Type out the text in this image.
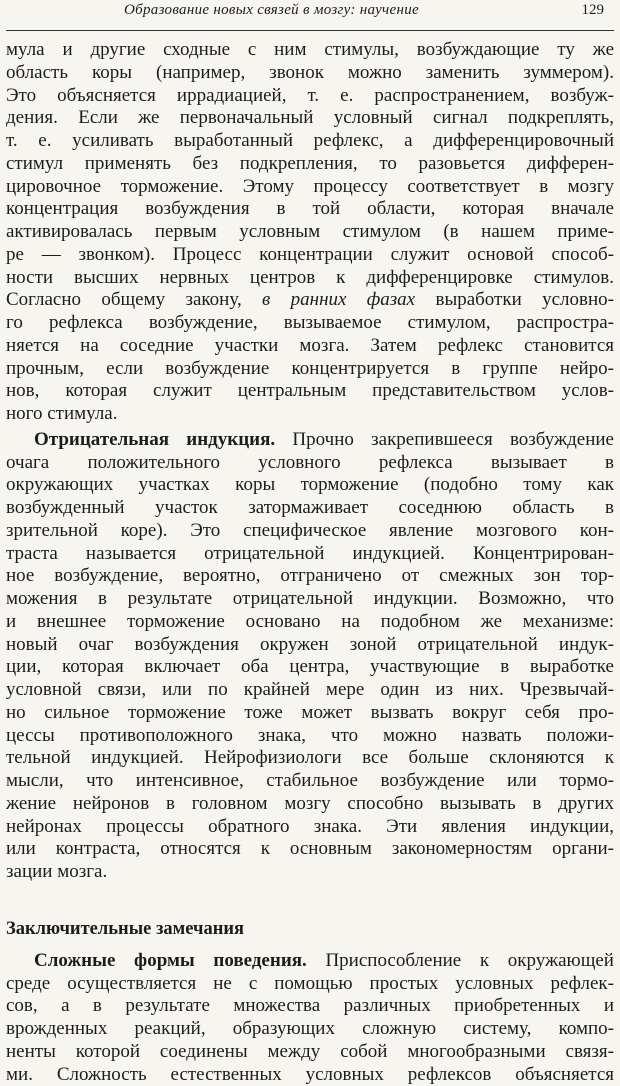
Образование новых связей в мозгу: научение	129
мула и другие сходные с ним стимулы, возбуждающие ту же
область коры (например, звонок можно заменить зуммером).
Это объясняется иррадиацией, т. е. распространением, возбуж-
дения. Если же первоначальный условный сигнал подкреплять,
т. е. усиливать выработанный рефлекс, а дифференцировочный
стимул применять без подкрепления, то разовьется дифферен-
цировочное торможение. Этому процессу соответствует в мозгу
концентрация возбуждения в той области, которая вначале
активировалась первым условным стимулом (в нашем приме-
ре — звонком). Процесс концентрации служит основой способ-
ности высших нервных центров к дифференцировке стимулов.
Согласно общему закону, в ранних фазах выработки условно-
го рефлекса возбуждение, вызываемое стимулом, распростра-
няется на соседние участки мозга. Затем рефлекс становится
прочным, если возбуждение концентрируется в группе нейро-
нов, которая служит центральным представительством услов-
ного стимула.
Отрицательная индукция. Прочно закрепившееся возбуждение
очага положительного условного рефлекса вызывает в
окружающих участках коры торможение (подобно тому как
возбужденный участок затормаживает соседнюю область в
зрительной коре). Это специфическое явление мозгового кон-
траста называется отрицательной индукцией. Концентрирован-
ное возбуждение, вероятно, отграничено от смежных зон тор-
можения в результате отрицательной индукции. Возможно, что
и внешнее торможение основано на подобном же механизме:
новый очаг возбуждения окружен зоной отрицательной индук-
ции, которая включает оба центра, участвующие в выработке
условной связи, или по крайней мере один из них. Чрезвычай-
но сильное торможение тоже может вызвать вокруг себя про-
цессы противоположного знака, что можно назвать положи-
тельной индукцией. Нейрофизиологи все больше склоняются к
мысли, что интенсивное, стабильное возбуждение или тормо-
жение нейронов в головном мозгу способно вызывать в других
нейронах процессы обратного знака. Эти явления индукции,
или контраста, относятся к основным закономерностям органи-
зации мозга.
Заключительные замечания
Сложные формы поведения. Приспособление к окружающей
среде осуществляется не с помощью простых условных рефлек-
сов, а в результате множества различных приобретенных и
врожденных реакций, образующих сложную систему, компо-
ненты которой соединены между собой многообразными связя-
ми. Сложность естественных условных рефлексов объясняется
